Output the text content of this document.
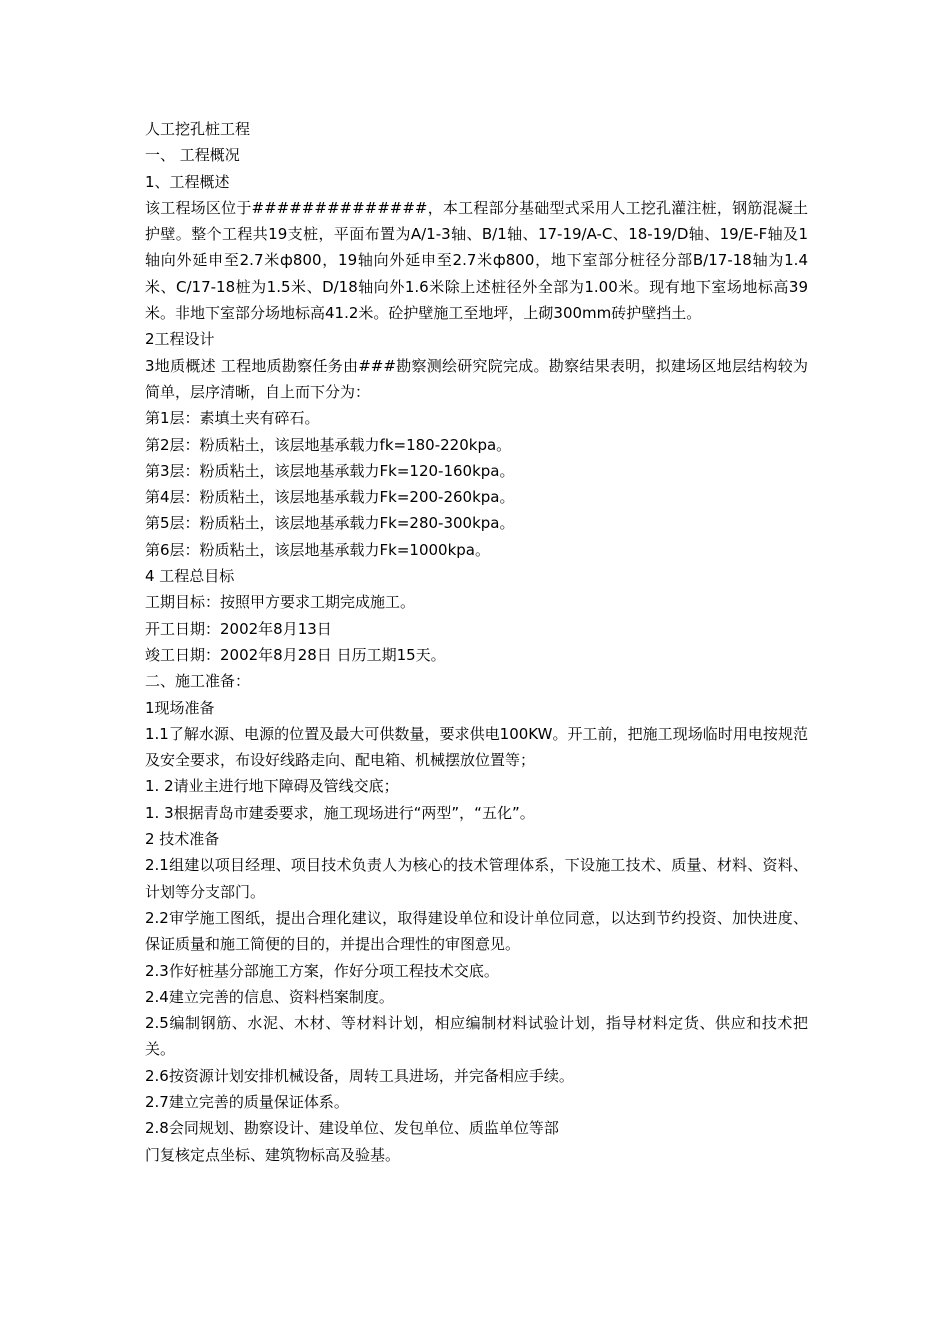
人工挖孔桩工程

一、 工程概况

1、工程概述

该工程场区位于##############，本工程部分基础型式采用人工挖孔灌注桩，钢筋混凝土护壁。整个工程共19支桩，平面布置为A/1-3轴、B/1轴、17-19/A-C、18-19/D轴、19/E-F轴及1轴向外延申至2.7米ф800，19轴向外延申至2.7米ф800，地下室部分桩径分部B/17-18轴为1.4米、C/17-18桩为1.5米、D/18轴向外1.6米除上述桩径外全部为1.00米。现有地下室场地标高39米。非地下室部分场地标高41.2米。砼护壁施工至地坪，上砌300mm砖护壁挡土。

2工程设计

3地质概述 工程地质勘察任务由###勘察测绘研究院完成。勘察结果表明，拟建场区地层结构较为简单，层序清晰，自上而下分为：

第1层：素填土夹有碎石。

第2层：粉质粘土，该层地基承载力fk=180-220kpa。

第3层：粉质粘土，该层地基承载力Fk=120-160kpa。

第4层：粉质粘土，该层地基承载力Fk=200-260kpa。

第5层：粉质粘土，该层地基承载力Fk=280-300kpa。

第6层：粉质粘土，该层地基承载力Fk=1000kpa。

4 工程总目标

工期目标：按照甲方要求工期完成施工。

开工日期：2002年8月13日

竣工日期：2002年8月28日 日历工期15天。

二、施工准备：

1现场准备

1.1了解水源、电源的位置及最大可供数量，要求供电100KW。开工前，把施工现场临时用电按规范及安全要求，布设好线路走向、配电箱、机械摆放位置等；

1. 2请业主进行地下障碍及管线交底；

1. 3根据青岛市建委要求，施工现场进行“两型”，“五化”。

2 技术准备

2.1组建以项目经理、项目技术负责人为核心的技术管理体系，下设施工技术、质量、材料、资料、计划等分支部门。

2.2审学施工图纸，提出合理化建议，取得建设单位和设计单位同意，以达到节约投资、加快进度、保证质量和施工简便的目的，并提出合理性的审图意见。

2.3作好桩基分部施工方案，作好分项工程技术交底。

2.4建立完善的信息、资料档案制度。

2.5编制钢筋、水泥、木材、等材料计划，相应编制材料试验计划，指导材料定货、供应和技术把关。

2.6按资源计划安排机械设备，周转工具进场，并完备相应手续。

2.7建立完善的质量保证体系。

2.8会同规划、勘察设计、建设单位、发包单位、质监单位等部

门复核定点坐标、建筑物标高及验基。
